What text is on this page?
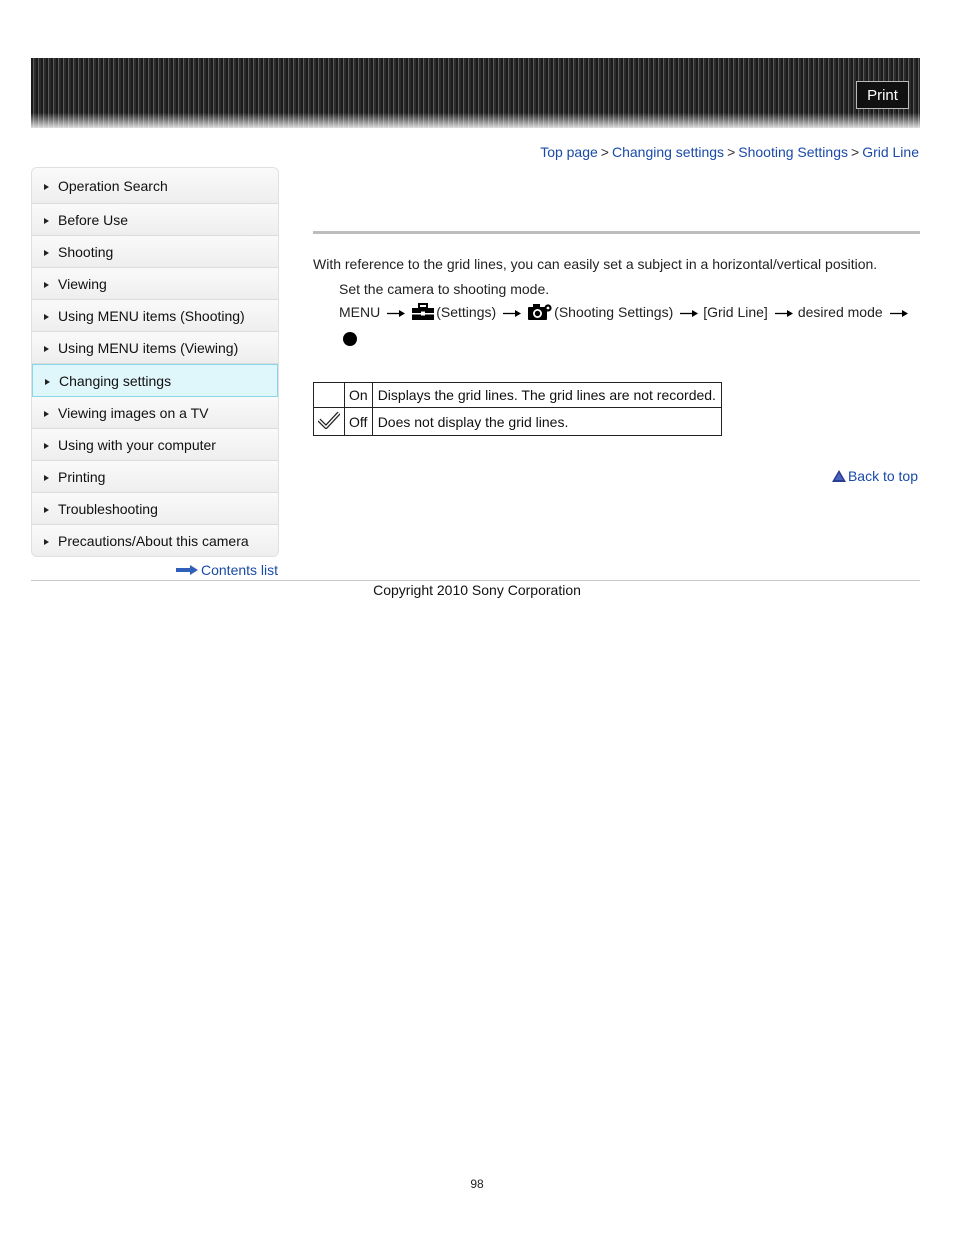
Print
Top page > Changing settings > Shooting Settings > Grid Line
Operation Search
Before Use
Shooting
Viewing
Using MENU items (Shooting)
Using MENU items (Viewing)
Changing settings
Viewing images on a TV
Using with your computer
Printing
Troubleshooting
Precautions/About this camera
Contents list
With reference to the grid lines, you can easily set a subject in a horizontal/vertical position.
Set the camera to shooting mode.
MENU	(Settings)	(Shooting Settings) [Grid Line] desired mode
	On	Displays the grid lines. The grid lines are not recorded.
	Off	Does not display the grid lines.
Back to top
Copyright 2010 Sony Corporation
98
